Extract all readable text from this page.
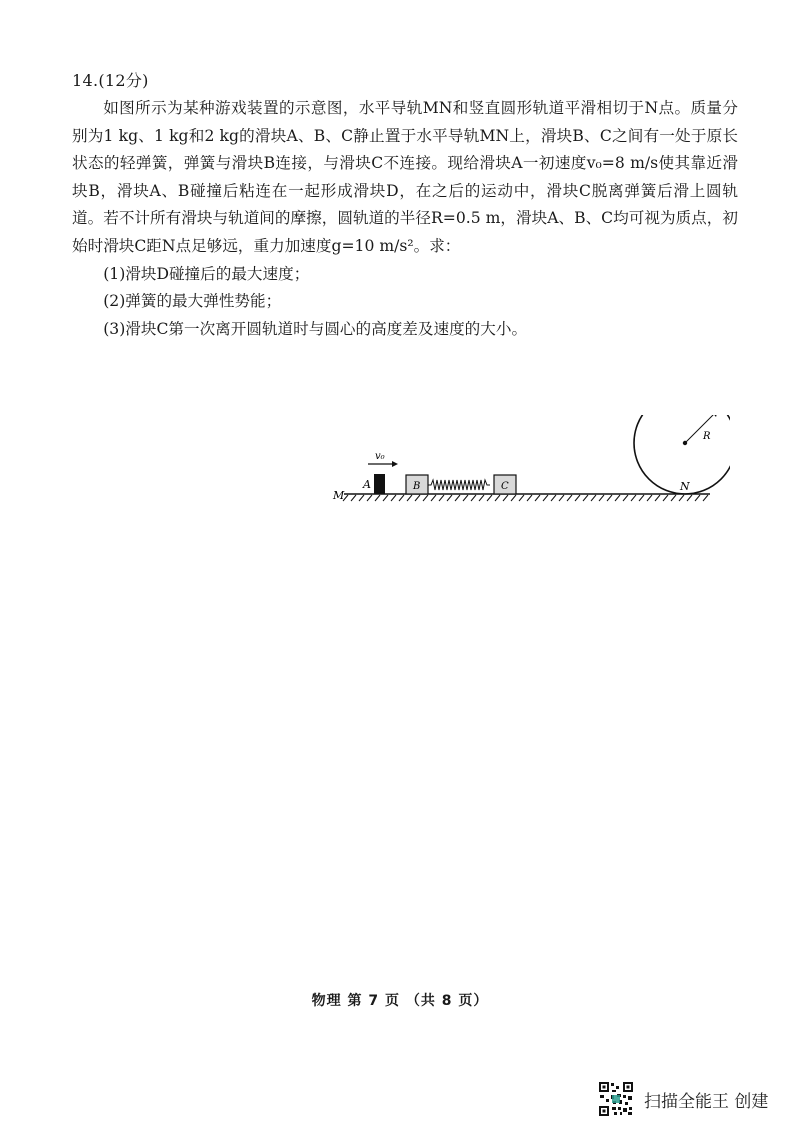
14.(12分)

如图所示为某种游戏装置的示意图，水平导轨MN和竖直圆形轨道平滑相切于N点。质量分别为1 kg、1 kg和2 kg的滑块A、B、C静止置于水平导轨MN上，滑块B、C之间有一处于原长状态的轻弹簧，弹簧与滑块B连接，与滑块C不连接。现给滑块A一初速度v₀=8 m/s使其靠近滑块B，滑块A、B碰撞后粘连在一起形成滑块D，在之后的运动中，滑块C脱离弹簧后滑上圆轨道。若不计所有滑块与轨道间的摩擦，圆轨道的半径R=0.5 m，滑块A、B、C均可视为质点，初始时滑块C距N点足够远，重力加速度g=10 m/s²。求：

(1)滑块D碰撞后的最大速度；

(2)弹簧的最大弹性势能；

(3)滑块C第一次离开圆轨道时与圆心的高度差及速度的大小。

M
A
v₀
B	C
R
N
物理 第 7 页 （共 8 页）
扫描全能王 创建
